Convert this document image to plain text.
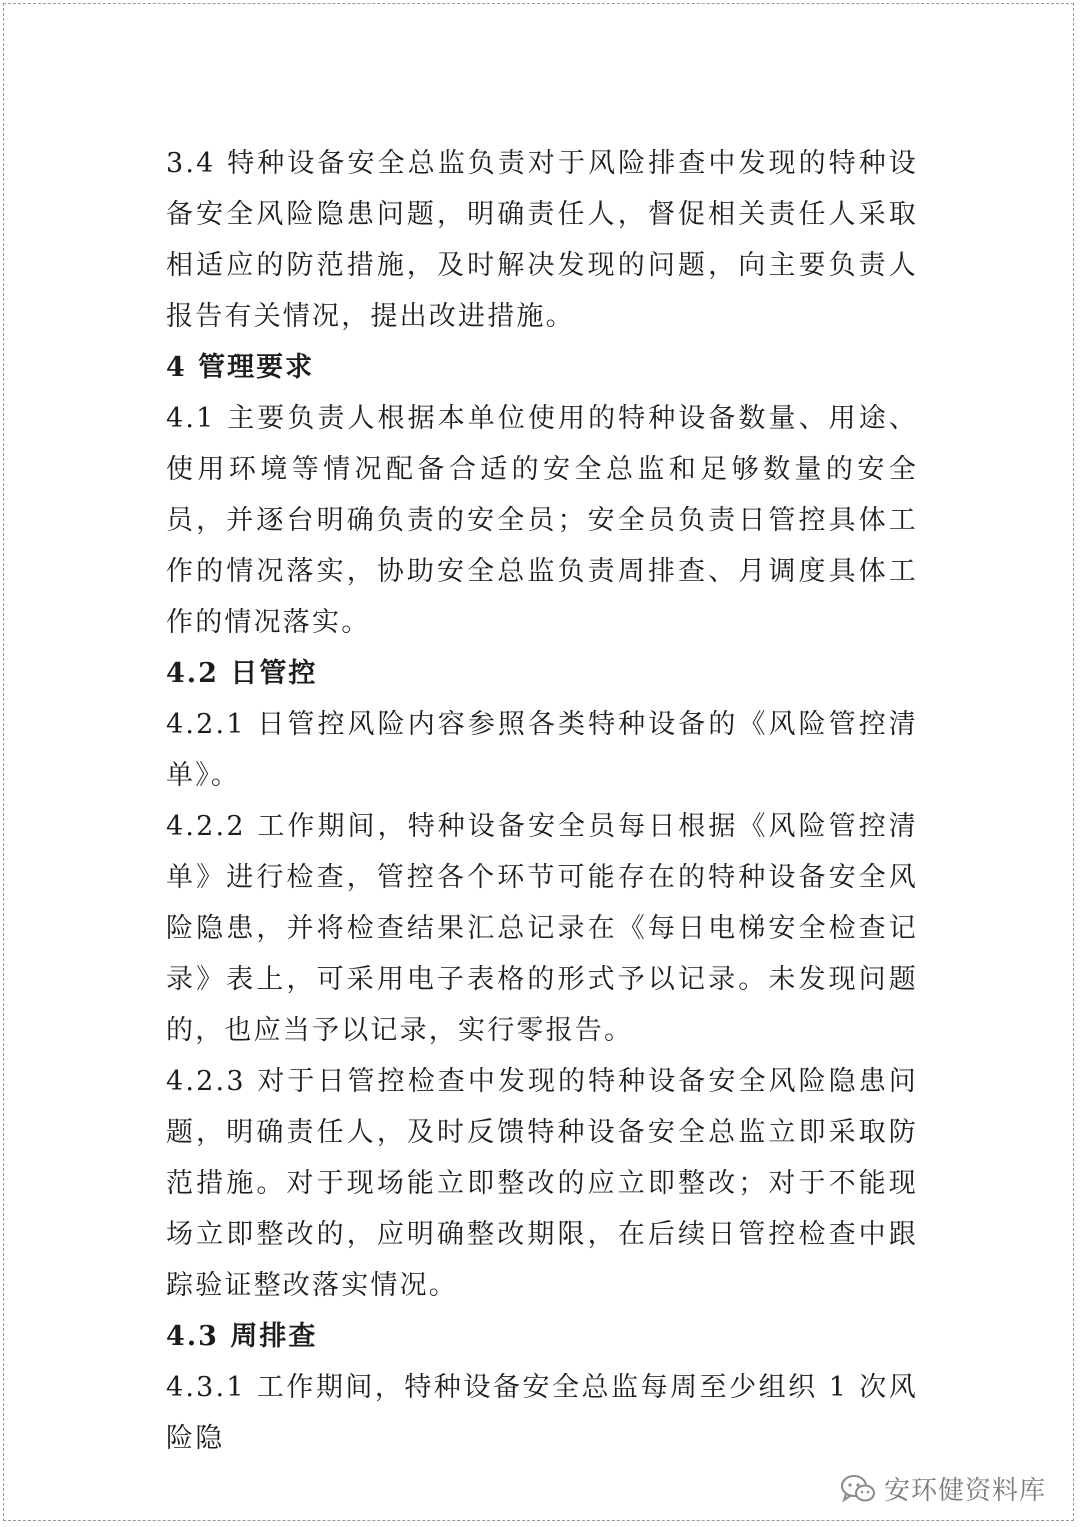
3.4 特种设备安全总监负责对于风险排查中发现的特种设备安全风险隐患问题，明确责任人，督促相关责任人采取相适应的防范措施，及时解决发现的问题，向主要负责人报告有关情况，提出改进措施。

4 管理要求

4.1 主要负责人根据本单位使用的特种设备数量、用途、使用环境等情况配备合适的安全总监和足够数量的安全员，并逐台明确负责的安全员；安全员负责日管控具体工作的情况落实，协助安全总监负责周排查、月调度具体工作的情况落实。

4.2 日管控

4.2.1 日管控风险内容参照各类特种设备的《风险管控清单》。

4.2.2 工作期间，特种设备安全员每日根据《风险管控清单》进行检查，管控各个环节可能存在的特种设备安全风险隐患，并将检查结果汇总记录在《每日电梯安全检查记录》表上，可采用电子表格的形式予以记录。未发现问题的，也应当予以记录，实行零报告。

4.2.3 对于日管控检查中发现的特种设备安全风险隐患问题，明确责任人，及时反馈特种设备安全总监立即采取防范措施。对于现场能立即整改的应立即整改；对于不能现场立即整改的，应明确整改期限，在后续日管控检查中跟踪验证整改落实情况。

4.3 周排查

4.3.1 工作期间，特种设备安全总监每周至少组织 1 次风险隐

安环健资料库
